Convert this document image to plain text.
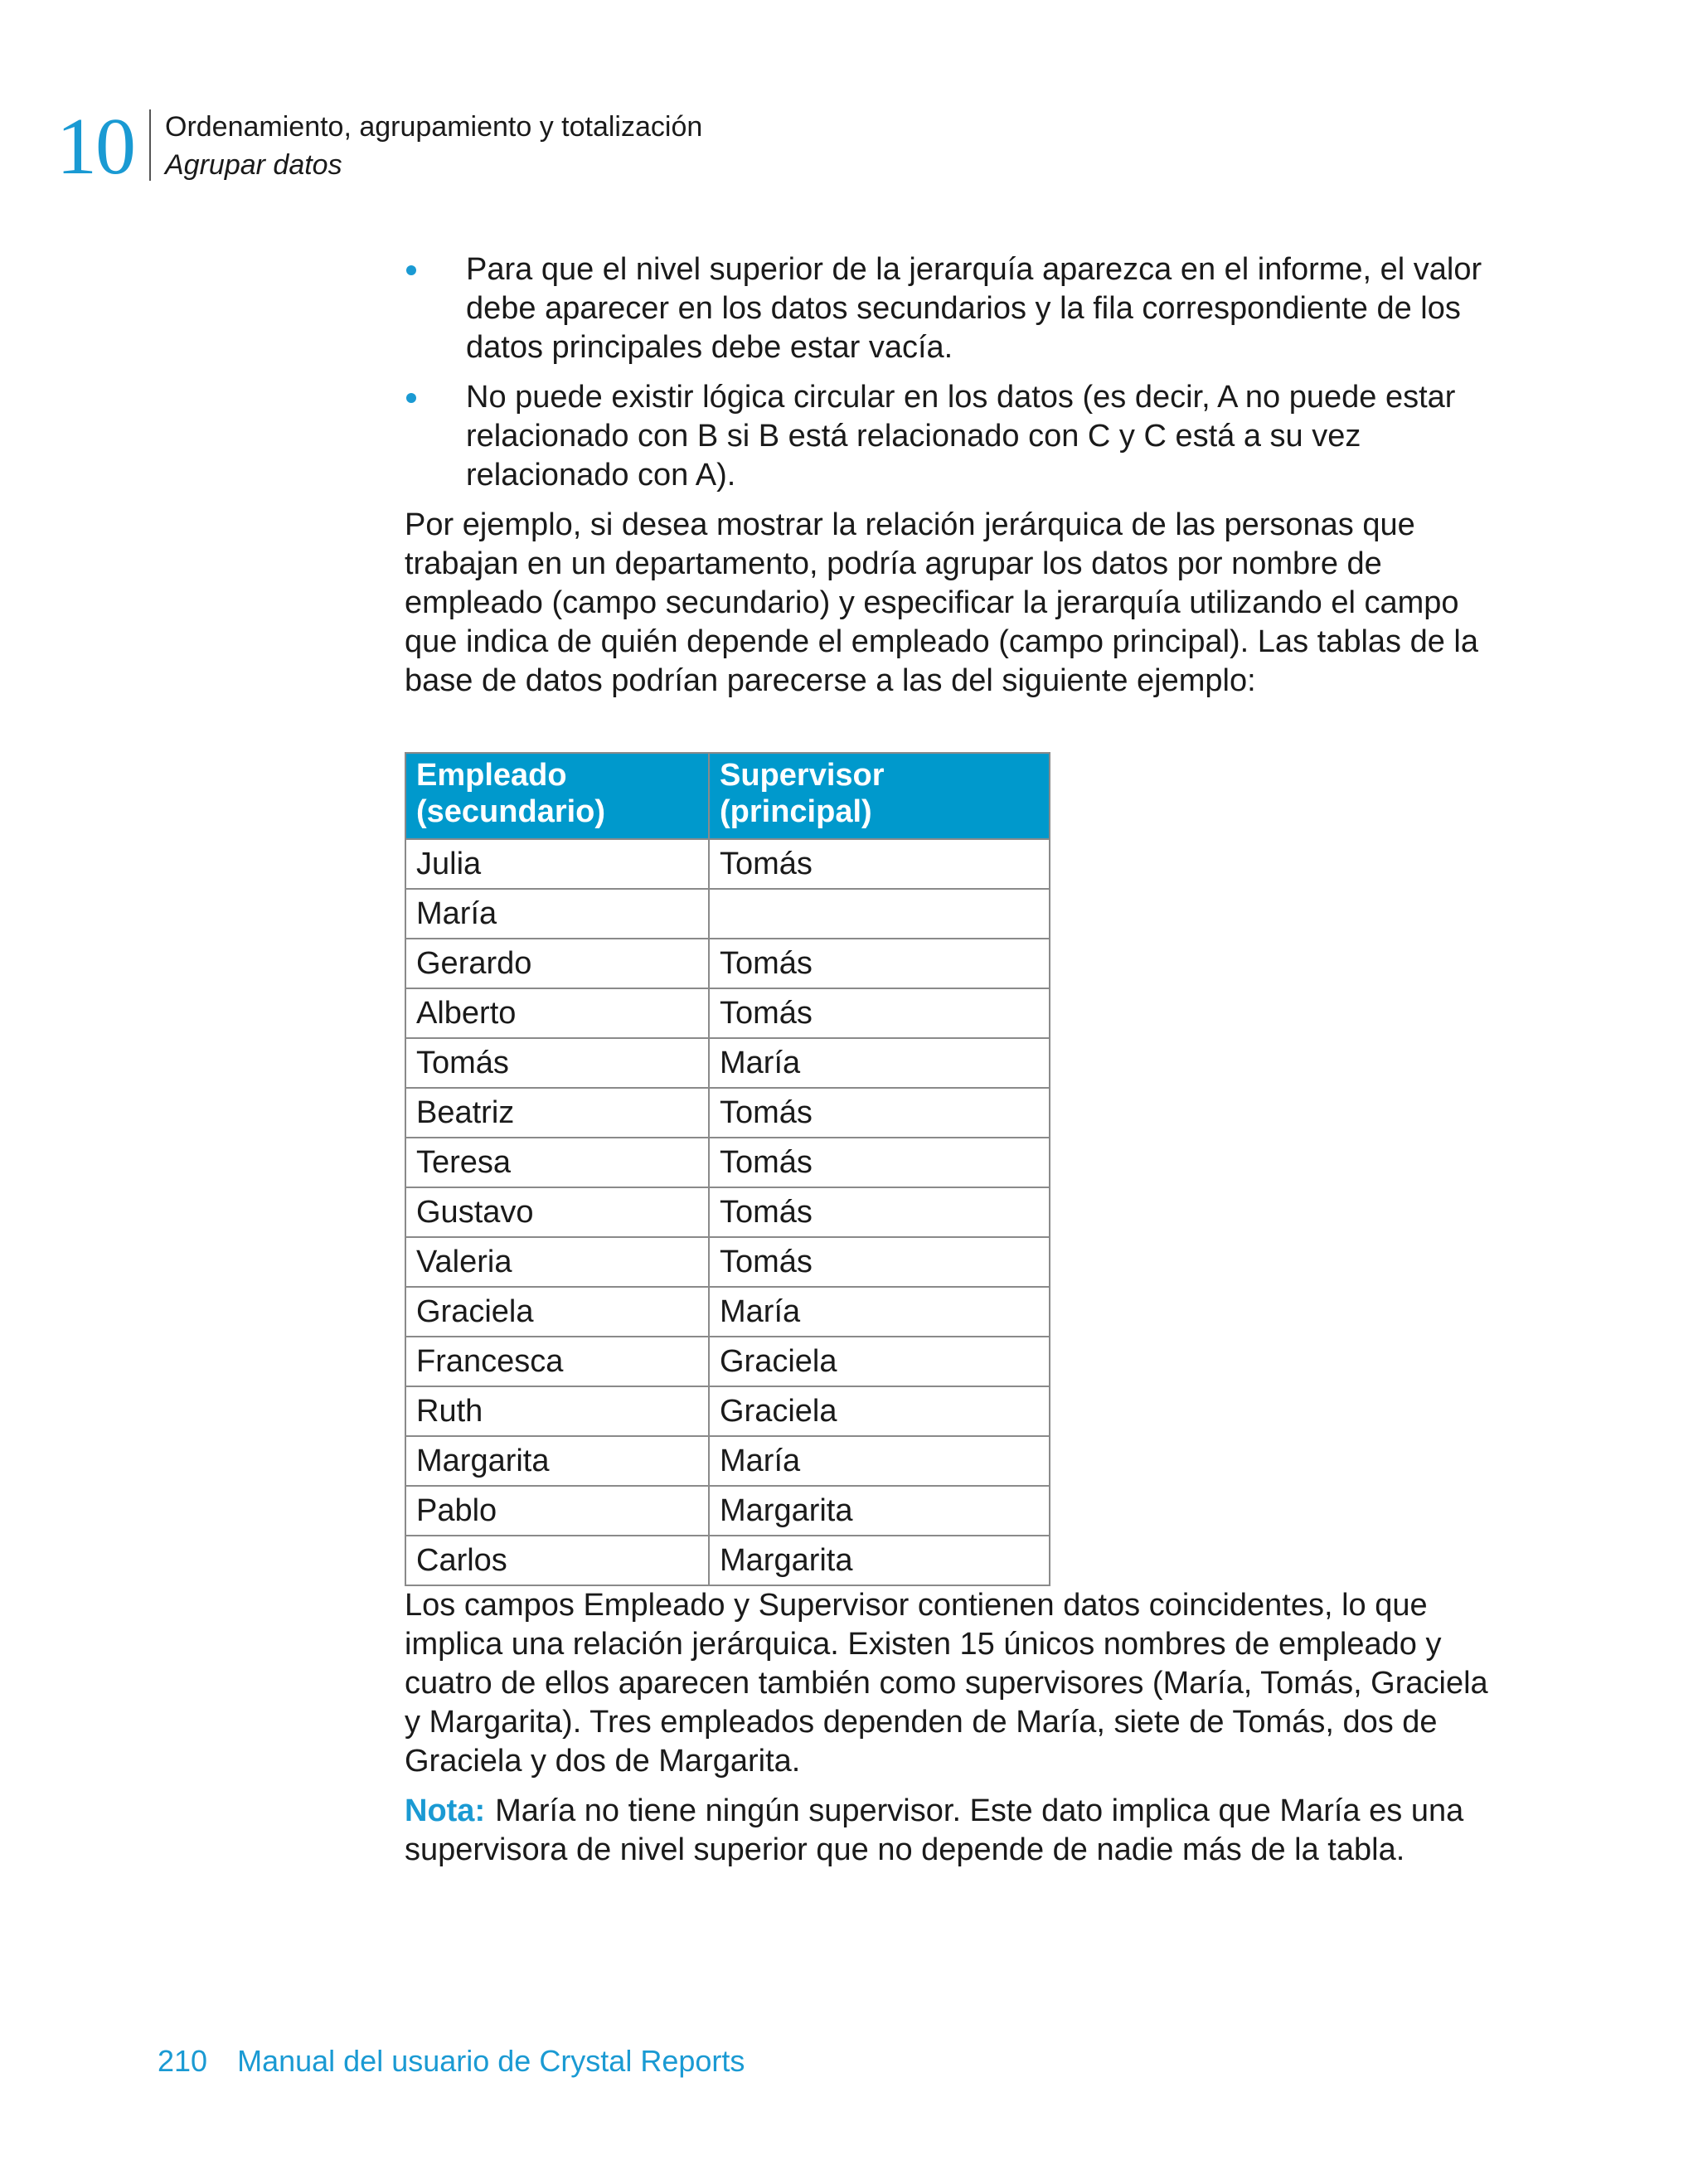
10 Ordenamiento, agrupamiento y totalización
Agrupar datos
Para que el nivel superior de la jerarquía aparezca en el informe, el valor debe aparecer en los datos secundarios y la fila correspondiente de los datos principales debe estar vacía.
No puede existir lógica circular en los datos (es decir, A no puede estar relacionado con B si B está relacionado con C y C está a su vez relacionado con A).

Por ejemplo, si desea mostrar la relación jerárquica de las personas que trabajan en un departamento, podría agrupar los datos por nombre de empleado (campo secundario) y especificar la jerarquía utilizando el campo que indica de quién depende el empleado (campo principal). Las tablas de la base de datos podrían parecerse a las del siguiente ejemplo:

Empleado (secundario)	Supervisor (principal)
Julia	Tomás
María	
Gerardo	Tomás
Alberto	Tomás
Tomás	María
Beatriz	Tomás
Teresa	Tomás
Gustavo	Tomás
Valeria	Tomás
Graciela	María
Francesca	Graciela
Ruth	Graciela
Margarita	María
Pablo	Margarita
Carlos	Margarita

Los campos Empleado y Supervisor contienen datos coincidentes, lo que implica una relación jerárquica. Existen 15 únicos nombres de empleado y cuatro de ellos aparecen también como supervisores (María, Tomás, Graciela y Margarita). Tres empleados dependen de María, siete de Tomás, dos de Graciela y dos de Margarita.

Nota: María no tiene ningún supervisor. Este dato implica que María es una supervisora de nivel superior que no depende de nadie más de la tabla.

210 Manual del usuario de Crystal Reports
